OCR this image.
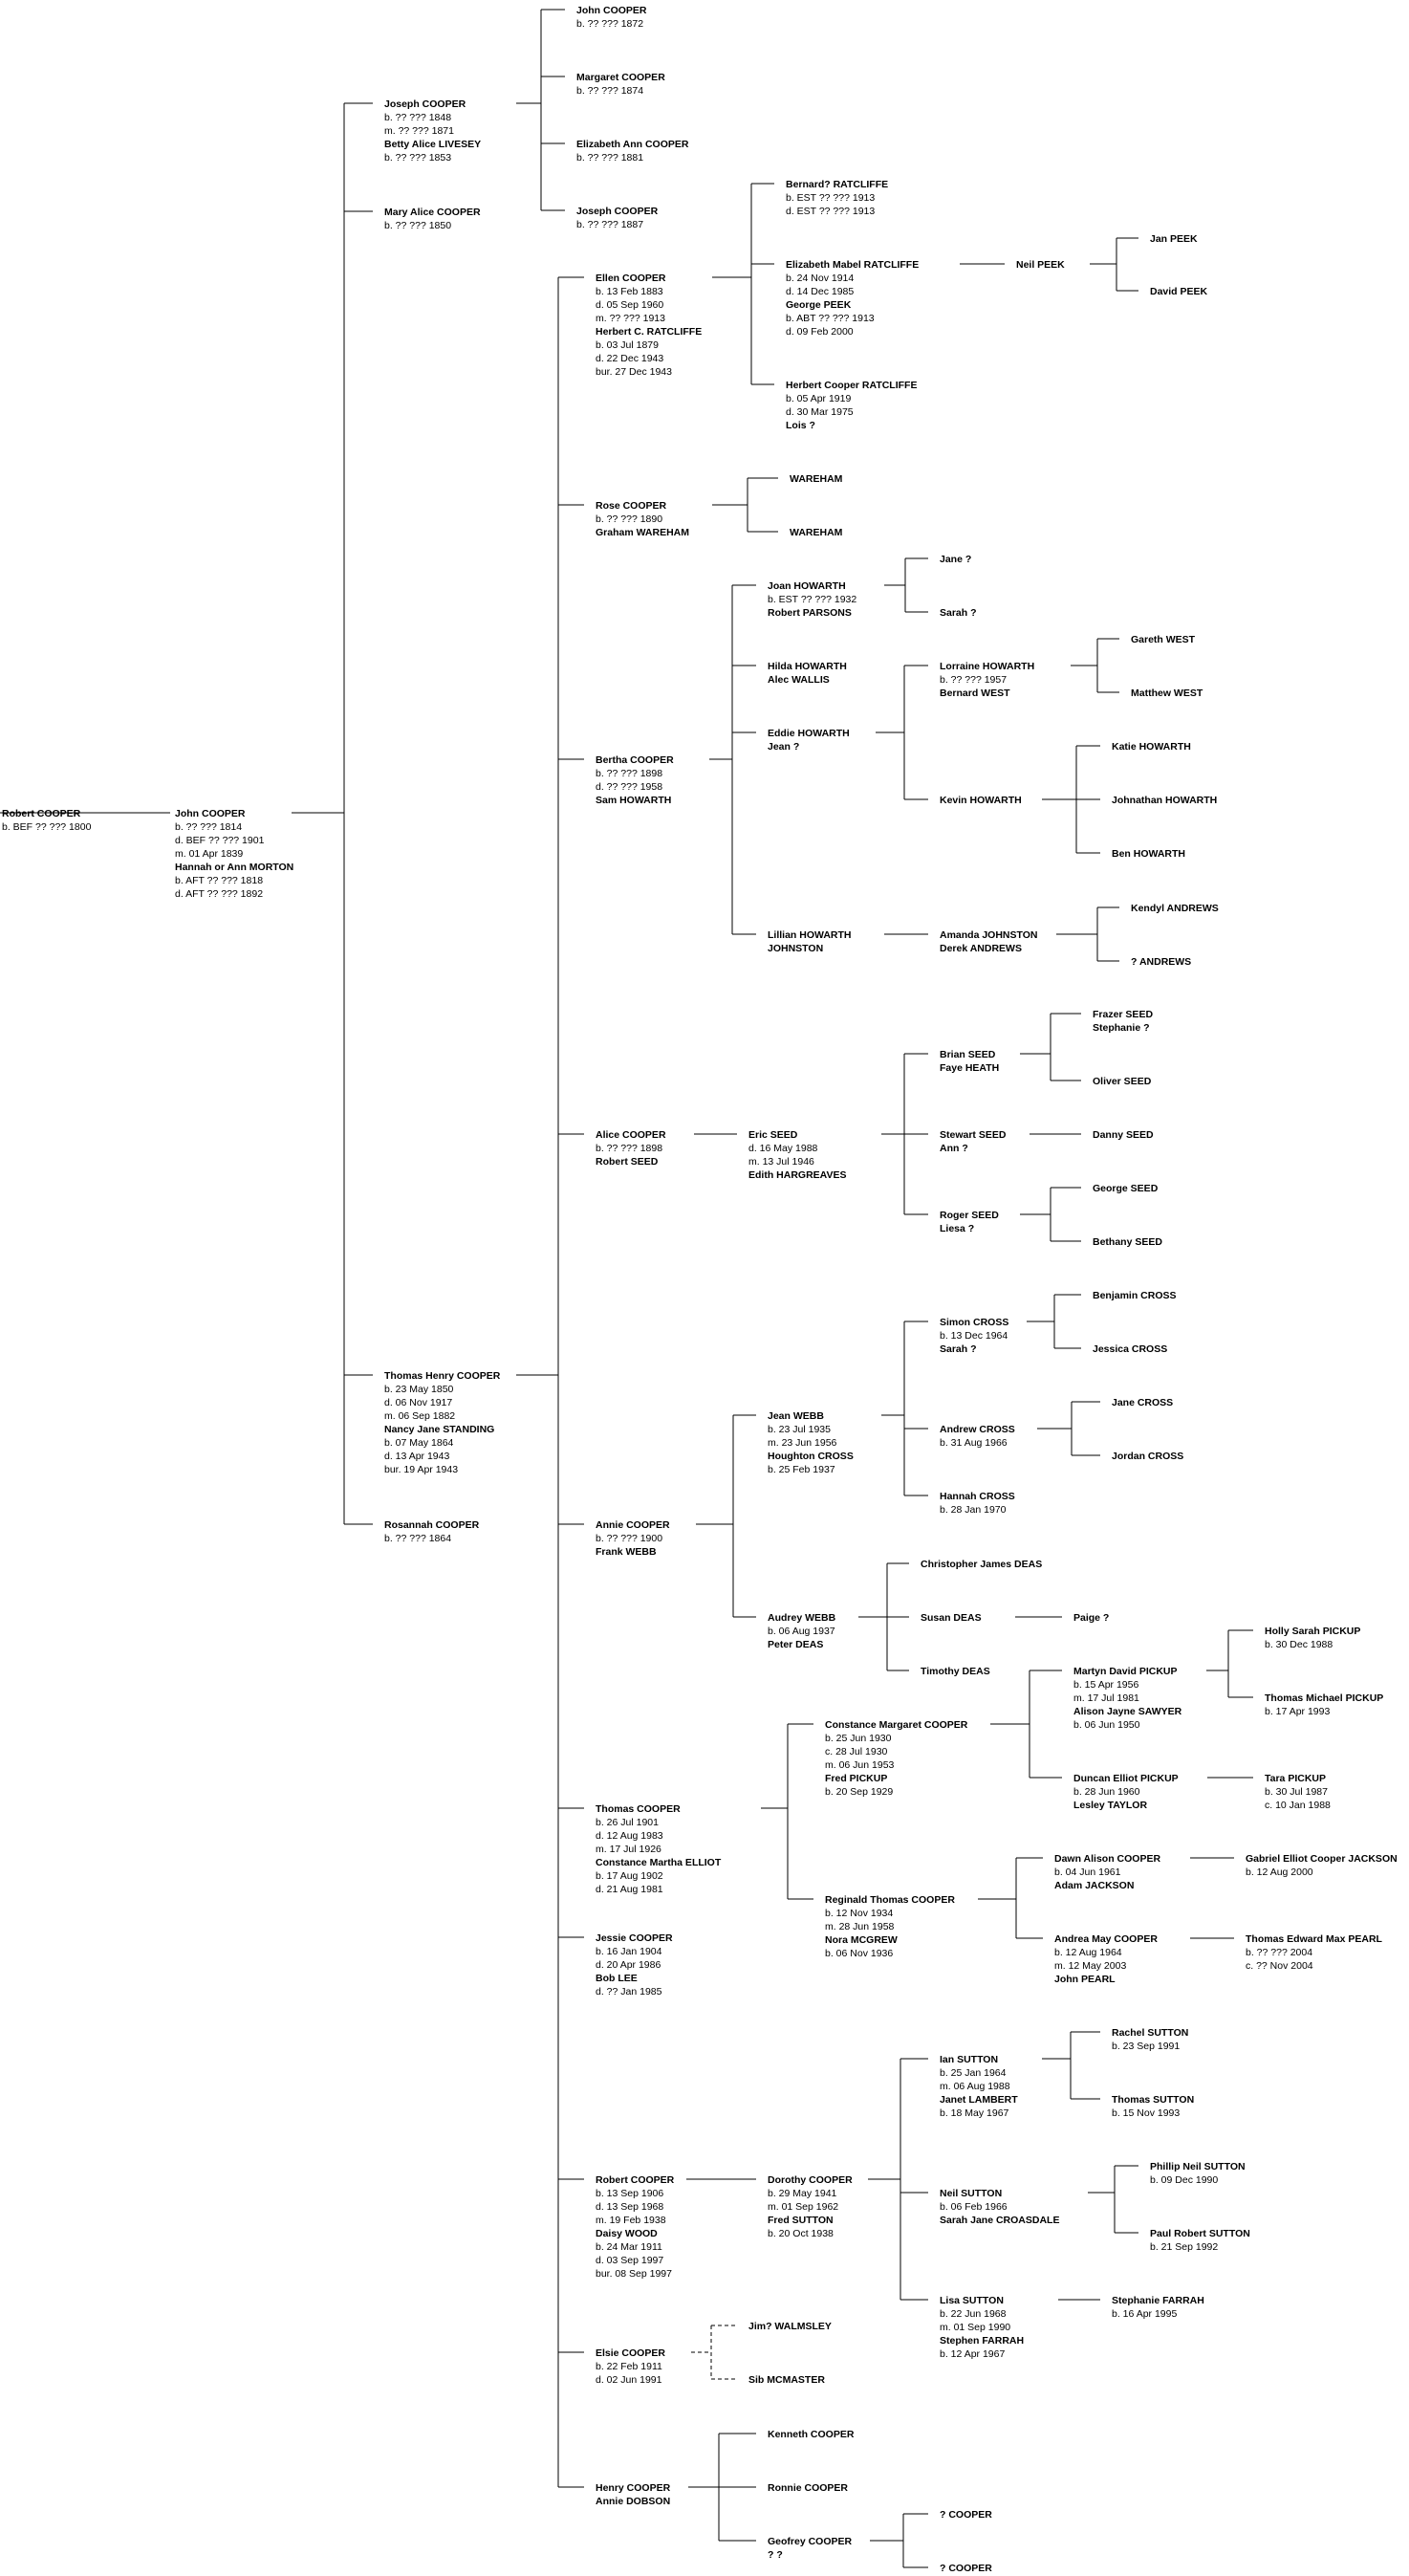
Robert COOPER
b. BEF ?? ??? 1800
John COOPER
b. ?? ??? 1814
d. BEF ?? ??? 1901
m. 01 Apr 1839
Hannah or Ann MORTON
b. AFT ?? ??? 1818
d. AFT ?? ??? 1892
Joseph COOPER
b. ?? ??? 1848
m. ?? ??? 1871
Betty Alice LIVESEY
b. ?? ??? 1853
Mary Alice COOPER
b. ?? ??? 1850
Thomas Henry COOPER
b. 23 May 1850
d. 06 Nov 1917
m. 06 Sep 1882
Nancy Jane STANDING
b. 07 May 1864
d. 13 Apr 1943
bur. 19 Apr 1943
Rosannah COOPER
b. ?? ??? 1864
John COOPER
b. ?? ??? 1872
Margaret COOPER
b. ?? ??? 1874
Elizabeth Ann COOPER
b. ?? ??? 1881
Joseph COOPER
b. ?? ??? 1887
Ellen COOPER
b. 13 Feb 1883
d. 05 Sep 1960
m. ?? ??? 1913
Herbert C. RATCLIFFE
b. 03 Jul 1879
d. 22 Dec 1943
bur. 27 Dec 1943
Rose COOPER
b. ?? ??? 1890
Graham WAREHAM
Bertha COOPER
b. ?? ??? 1898
d. ?? ??? 1958
Sam HOWARTH
Alice COOPER
b. ?? ??? 1898
Robert SEED
Annie COOPER
b. ?? ??? 1900
Frank WEBB
Thomas COOPER
b. 26 Jul 1901
d. 12 Aug 1983
m. 17 Jul 1926
Constance Martha ELLIOT
b. 17 Aug 1902
d. 21 Aug 1981
Jessie COOPER
b. 16 Jan 1904
d. 20 Apr 1986
Bob LEE
d. ?? Jan 1985
Robert COOPER
b. 13 Sep 1906
d. 13 Sep 1968
m. 19 Feb 1938
Daisy WOOD
b. 24 Mar 1911
d. 03 Sep 1997
bur. 08 Sep 1997
Elsie COOPER
b. 22 Feb 1911
d. 02 Jun 1991
Henry COOPER
Annie DOBSON
Bernard? RATCLIFFE
b. EST ?? ??? 1913
d. EST ?? ??? 1913
Elizabeth Mabel RATCLIFFE
b. 24 Nov 1914
d. 14 Dec 1985
George PEEK
b. ABT ?? ??? 1913
d. 09 Feb 2000
Herbert Cooper RATCLIFFE
b. 05 Apr 1919
d. 30 Mar 1975
Lois ?
Neil PEEK
Jan PEEK
David PEEK
WAREHAM
WAREHAM
Joan HOWARTH
b. EST ?? ??? 1932
Robert PARSONS
Hilda HOWARTH
Alec WALLIS
Eddie HOWARTH
Jean ?
Lillian HOWARTH
JOHNSTON
Jane ?
Sarah ?
Lorraine HOWARTH
b. ?? ??? 1957
Bernard WEST
Kevin HOWARTH
Gareth WEST
Matthew WEST
Katie HOWARTH
Johnathan HOWARTH
Ben HOWARTH
Amanda JOHNSTON
Derek ANDREWS
Kendyl ANDREWS
? ANDREWS
Eric SEED
d. 16 May 1988
m. 13 Jul 1946
Edith HARGREAVES
Brian SEED
Faye HEATH
Stewart SEED
Ann ?
Roger SEED
Liesa ?
Frazer SEED
Stephanie ?
Oliver SEED
Danny SEED
George SEED
Bethany SEED
Jean WEBB
b. 23 Jul 1935
m. 23 Jun 1956
Houghton CROSS
b. 25 Feb 1937
Audrey WEBB
b. 06 Aug 1937
Peter DEAS
Simon CROSS
b. 13 Dec 1964
Sarah ?
Andrew CROSS
b. 31 Aug 1966
Hannah CROSS
b. 28 Jan 1970
Benjamin CROSS
Jessica CROSS
Jane CROSS
Jordan CROSS
Christopher James DEAS
Susan DEAS
Timothy DEAS
Paige ?
Constance Margaret COOPER
b. 25 Jun 1930
c. 28 Jul 1930
m. 06 Jun 1953
Fred PICKUP
b. 20 Sep 1929
Reginald Thomas COOPER
b. 12 Nov 1934
m. 28 Jun 1958
Nora MCGREW
b. 06 Nov 1936
Martyn David PICKUP
b. 15 Apr 1956
m. 17 Jul 1981
Alison Jayne SAWYER
b. 06 Jun 1950
Duncan Elliot PICKUP
b. 28 Jun 1960
Lesley TAYLOR
Holly Sarah PICKUP
b. 30 Dec 1988
Thomas Michael PICKUP
b. 17 Apr 1993
Tara PICKUP
b. 30 Jul 1987
c. 10 Jan 1988
Dawn Alison COOPER
b. 04 Jun 1961
Adam JACKSON
Andrea May COOPER
b. 12 Aug 1964
m. 12 May 2003
John PEARL
Gabriel Elliot Cooper JACKSON
b. 12 Aug 2000
Thomas Edward Max PEARL
b. ?? ??? 2004
c. ?? Nov 2004
Dorothy COOPER
b. 29 May 1941
m. 01 Sep 1962
Fred SUTTON
b. 20 Oct 1938
Ian SUTTON
b. 25 Jan 1964
m. 06 Aug 1988
Janet LAMBERT
b. 18 May 1967
Neil SUTTON
b. 06 Feb 1966
Sarah Jane CROASDALE
Lisa SUTTON
b. 22 Jun 1968
m. 01 Sep 1990
Stephen FARRAH
b. 12 Apr 1967
Rachel SUTTON
b. 23 Sep 1991
Thomas SUTTON
b. 15 Nov 1993
Phillip Neil SUTTON
b. 09 Dec 1990
Paul Robert SUTTON
b. 21 Sep 1992
Stephanie FARRAH
b. 16 Apr 1995
Jim? WALMSLEY
Sib MCMASTER
Kenneth COOPER
Ronnie COOPER
Geofrey COOPER
? ?
? COOPER
? COOPER
